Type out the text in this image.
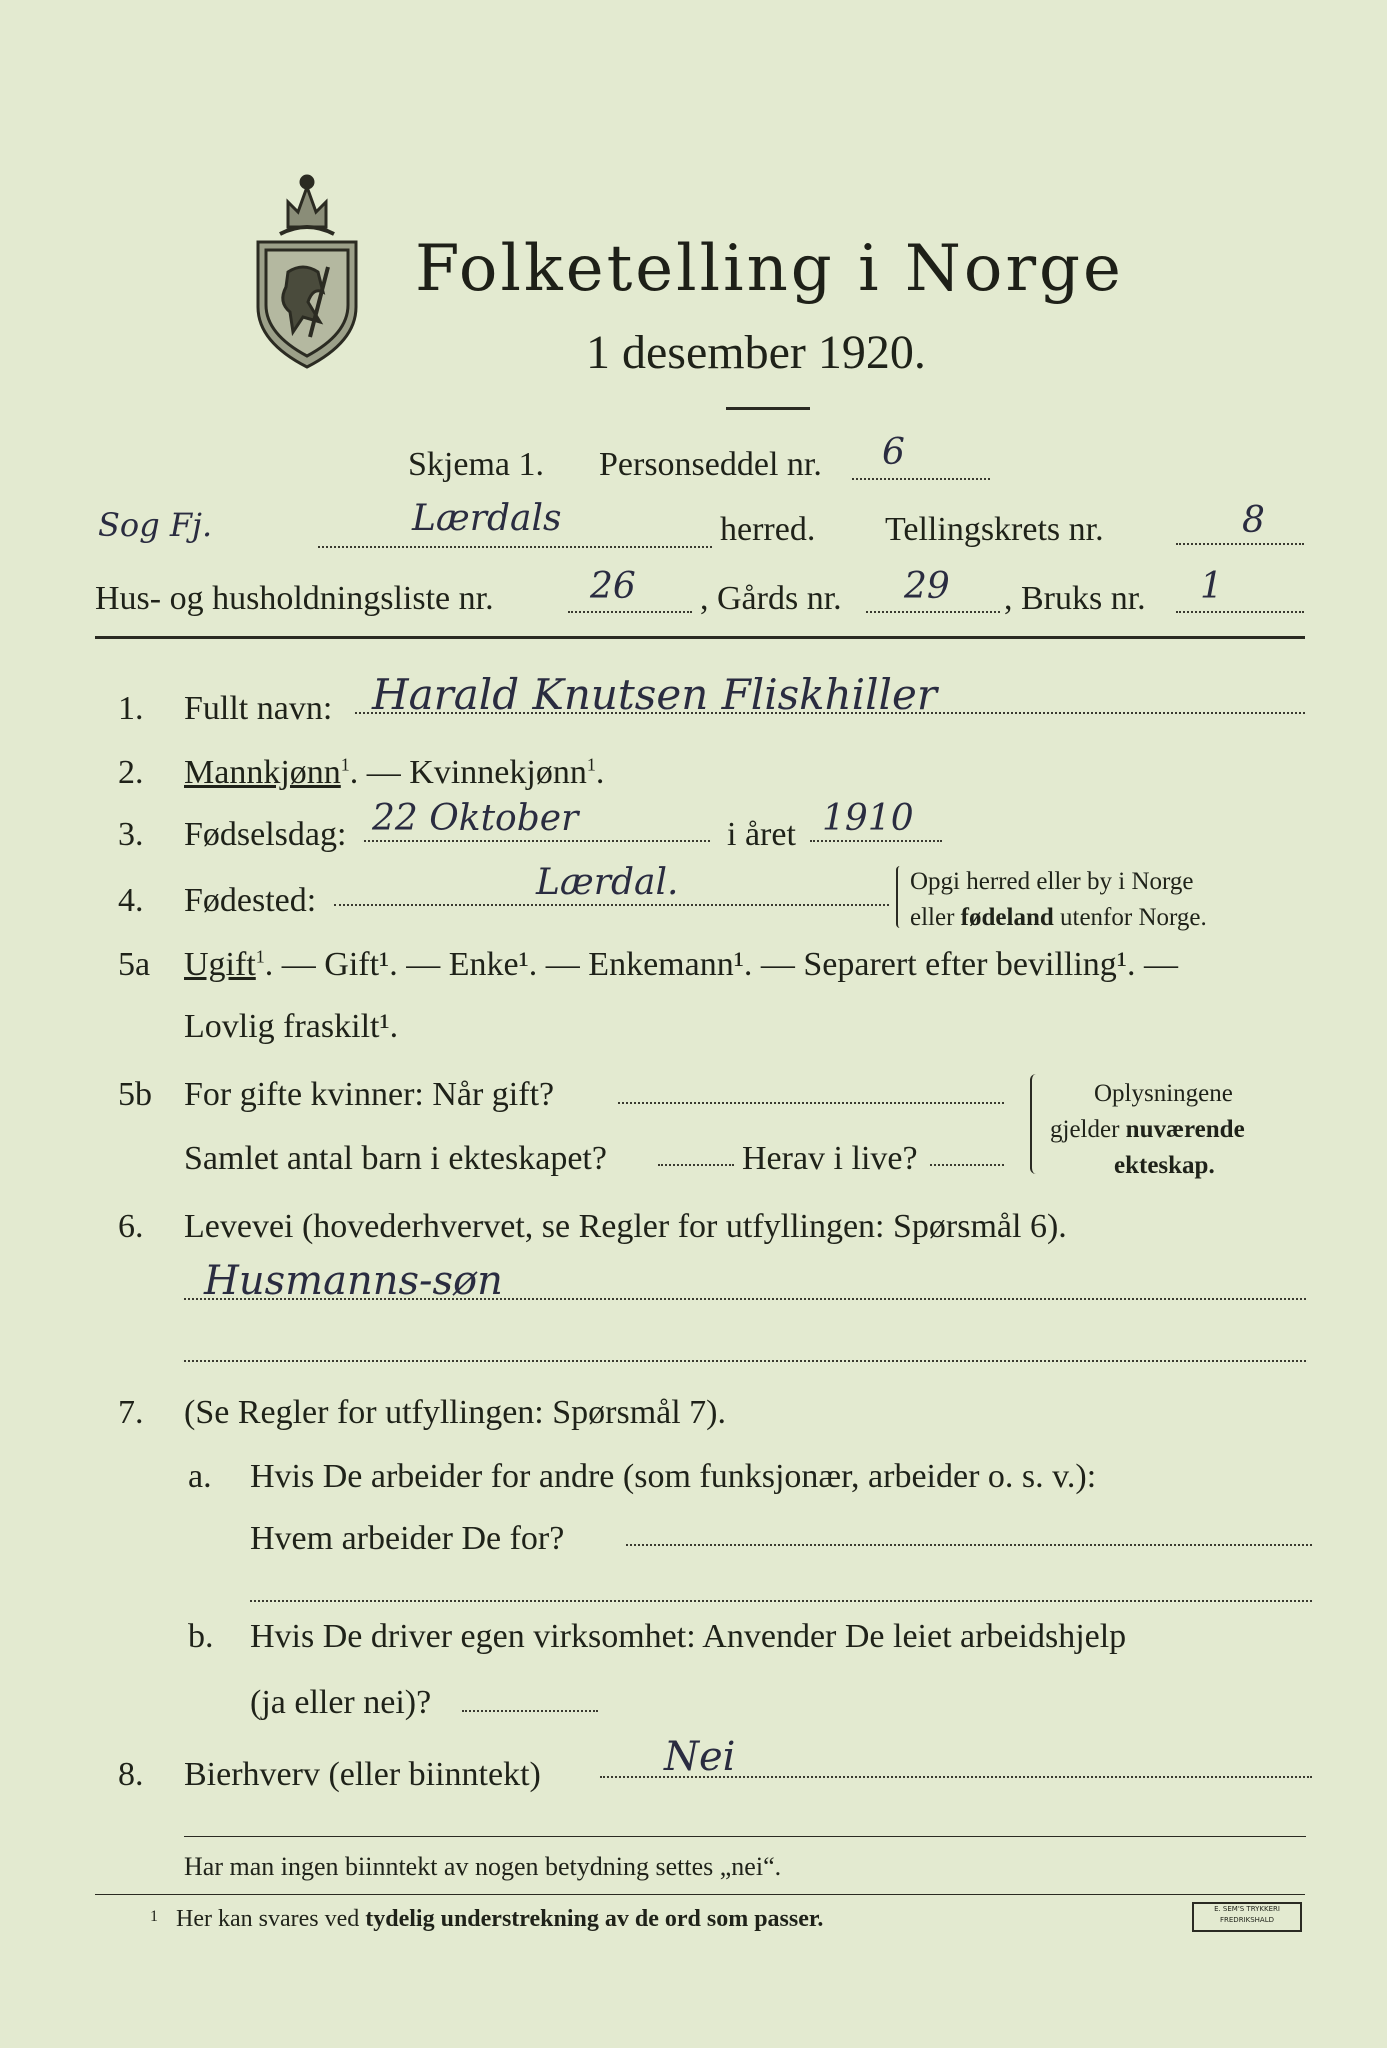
Folketelling i Norge
1 desember 1920.
Skjema 1. Personseddel nr. 6
Sog Fj.	Lærdals	herred. Tellingskrets nr.	8
Hus- og husholdningsliste nr.	26 , Gårds nr. 29 , Bruks nr. 1
1. Fullt navn: Harald Knutsen Fliskhiller
2. Mannkjønn$^1$. — Kvinnekjønn$^1$.
3. Fødselsdag: 22 Oktober	i året 1910
4. Fødested:	Lærdal.	Opgi herred eller by i Norge
eller fødeland utenfor Norge.
5a Ugift$^1$. — Gift¹. — Enke¹. — Enkemann¹. — Separert efter bevilling¹. —
Lovlig fraskilt¹.
5b For gifte kvinner: Når gift?
Samlet antal barn i ekteskapet?	Herav i live?
Oplysningene
gjelder nuværende
ekteskap.
6. Levevei (hovederhvervet, se Regler for utfyllingen: Spørsmål 6).
Husmanns-søn
7. (Se Regler for utfyllingen: Spørsmål 7).
a. Hvis De arbeider for andre (som funksjonær, arbeider o. s. v.):
Hvem arbeider De for?
b. Hvis De driver egen virksomhet: Anvender De leiet arbeidshjelp
(ja eller nei)?
8. Bierhverv (eller biinntekt)	Nei
Har man ingen biinntekt av nogen betydning settes „nei“.
1 Her kan svares ved tydelig understrekning av de ord som passer.	E. SEM'S TRYKKERI FREDRIKSHALD
